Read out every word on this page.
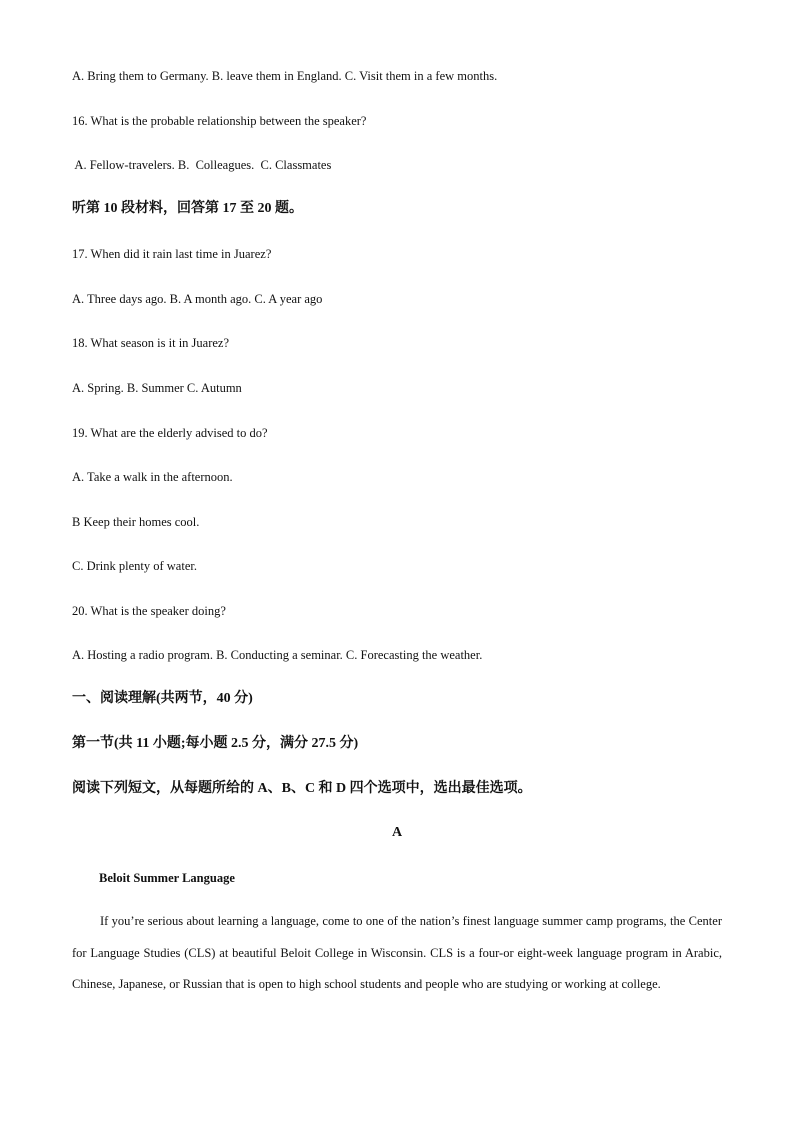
A. Bring them to Germany. B. leave them in England. C. Visit them in a few months.
16. What is the probable relationship between the speaker?
A. Fellow-travelers. B.  Colleagues.  C. Classmates
听第 10 段材料，回答第 17 至 20 题。
17. When did it rain last time in Juarez?
A. Three days ago. B. A month ago. C. A year ago
18. What season is it in Juarez?
A. Spring. B. Summer C. Autumn
19. What are the elderly advised to do?
A. Take a walk in the afternoon.
B Keep their homes cool.
C. Drink plenty of water.
20. What is the speaker doing?
A. Hosting a radio program. B. Conducting a seminar. C. Forecasting the weather.
一、阅读理解(共两节，40 分)
第一节(共 11 小题;每小题 2.5 分，满分 27.5 分)
阅读下列短文，从每题所给的 A、B、C 和 D 四个选项中，选出最佳选项。
A
Beloit Summer Language
If you’re serious about learning a language, come to one of the nation’s finest language summer camp programs, the Center for Language Studies (CLS) at beautiful Beloit College in Wisconsin. CLS is a four-or eight-week language program in Arabic, Chinese, Japanese, or Russian that is open to high school students and people who are studying or working at college.
